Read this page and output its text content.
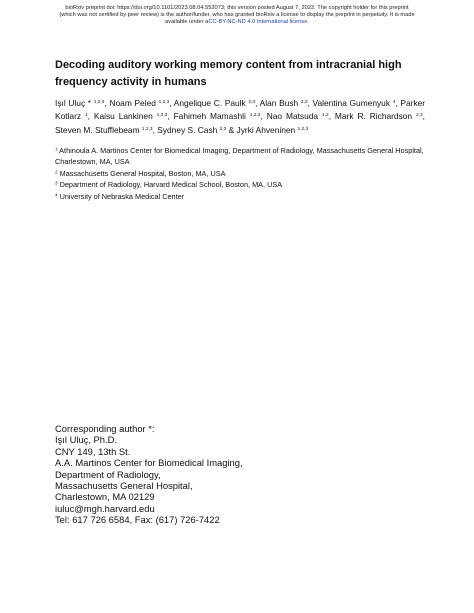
bioRxiv preprint doi: https://doi.org/10.1101/2023.08.04.552073; this version posted August 7, 2023. The copyright holder for this preprint
(which was not certified by peer review) is the author/funder, who has granted bioRxiv a license to display the preprint in perpetuity. It is made
available under aCC-BY-NC-ND 4.0 International license.
Decoding auditory working memory content from intracranial high frequency activity in humans
Işıl Uluç * $^{1,2,3}$, Noam Peled $^{1,2,3}$, Angelique C. Paulk $^{2,3}$, Alan Bush $^{2,3}$, Valentina Gumenyuk $^4$, Parker Kotlarz $^1$, Kaisu Lankinen $^{1,2,3}$, Fahimeh Mamashli $^{1,2,3}$, Nao Matsuda $^{1,2}$, Mark R. Richardson $^{2,3}$, Steven M. Stufflebeam $^{1,2,3}$, Sydney S. Cash $^{2,3}$ & Jyrki Ahveninen $^{1,2,3}$

$^1$ Athinoula A. Martinos Center for Biomedical Imaging, Department of Radiology, Massachusetts General Hospital, Charlestown, MA, USA

$^2$ Massachusetts General Hospital, Boston, MA, USA

$^3$ Department of Radiology, Harvard Medical School, Boston, MA, USA

$^4$ University of Nebraska Medical Center

Corresponding author *:
Işıl Uluç, Ph.D.
CNY 149, 13th St.
A.A. Martinos Center for Biomedical Imaging,
Department of Radiology,
Massachusetts General Hospital,
Charlestown, MA 02129
iuluc@mgh.harvard.edu
Tel: 617 726 6584, Fax: (617) 726-7422
